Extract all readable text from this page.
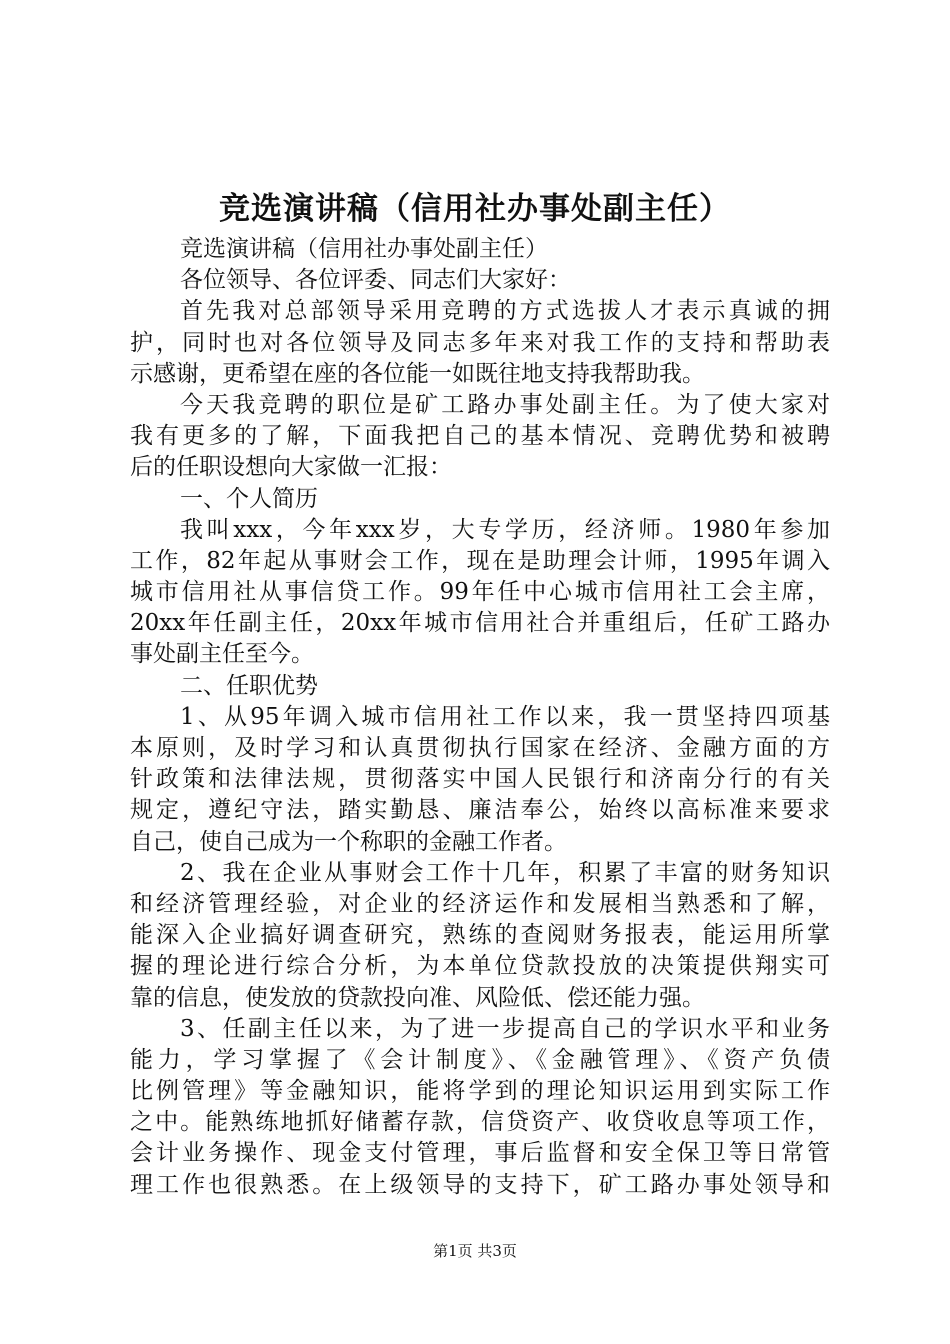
竞选演讲稿（信用社办事处副主任）
竞选演讲稿（信用社办事处副主任）
各位领导、各位评委、同志们大家好：
首先我对总部领导采用竞聘的方式选拔人才表示真诚的拥
护，同时也对各位领导及同志多年来对我工作的支持和帮助表
示感谢，更希望在座的各位能一如既往地支持我帮助我。
今天我竞聘的职位是矿工路办事处副主任。为了使大家对
我有更多的了解，下面我把自己的基本情况、竞聘优势和被聘
后的任职设想向大家做一汇报：
一、个人简历
我叫xxx，今年xxx岁，大专学历，经济师。1980年参加
工作，82年起从事财会工作，现在是助理会计师，1995年调入
城市信用社从事信贷工作。99年任中心城市信用社工会主席，
20xx年任副主任，20xx年城市信用社合并重组后，任矿工路办
事处副主任至今。
二、任职优势
1、从95年调入城市信用社工作以来，我一贯坚持四项基
本原则，及时学习和认真贯彻执行国家在经济、金融方面的方
针政策和法律法规，贯彻落实中国人民银行和济南分行的有关
规定，遵纪守法，踏实勤恳、廉洁奉公，始终以高标准来要求
自己，使自己成为一个称职的金融工作者。
2、我在企业从事财会工作十几年，积累了丰富的财务知识
和经济管理经验，对企业的经济运作和发展相当熟悉和了解，
能深入企业搞好调查研究，熟练的查阅财务报表，能运用所掌
握的理论进行综合分析，为本单位贷款投放的决策提供翔实可
靠的信息，使发放的贷款投向准、风险低、偿还能力强。
3、任副主任以来，为了进一步提高自己的学识水平和业务
能力，学习掌握了《会计制度》、《金融管理》、《资产负债
比例管理》等金融知识，能将学到的理论知识运用到实际工作
之中。能熟练地抓好储蓄存款，信贷资产、收贷收息等项工作，
会计业务操作、现金支付管理，事后监督和安全保卫等日常管
理工作也很熟悉。在上级领导的支持下，矿工路办事处领导和
第1页 共3页
